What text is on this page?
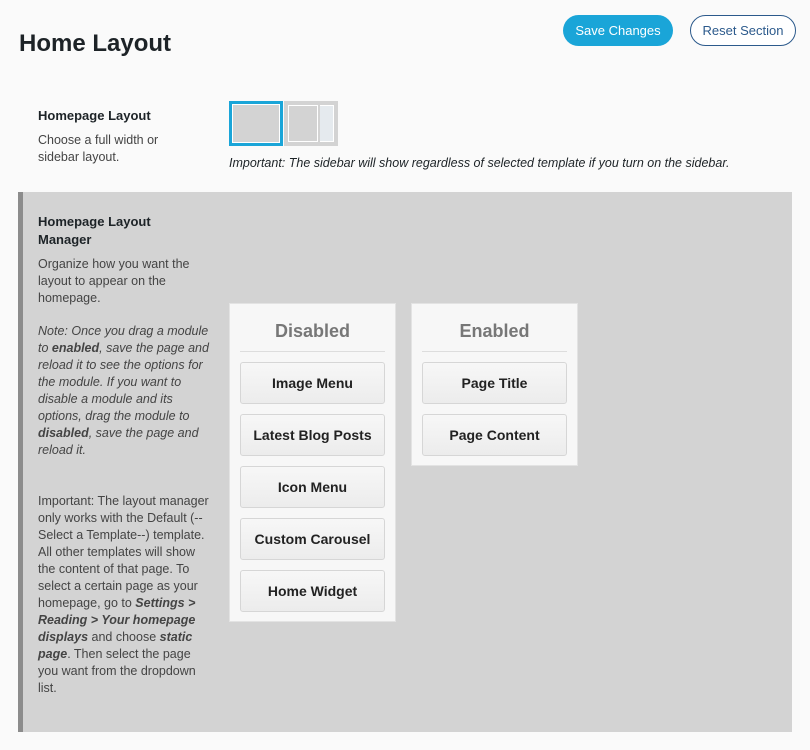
Home Layout	Save Changes	Reset Section
Homepage Layout
Choose a full width or sidebar layout.	Important: The sidebar will show regardless of selected template if you turn on the sidebar.
Homepage Layout Manager
Organize how you want the layout to appear on the homepage.
Note: Once you drag a module to enabled, save the page and reload it to see the options for the module. If you want to disable a module and its options, drag the module to disabled, save the page and reload it.
Important: The layout manager only works with the Default (--Select a Template--) template. All other templates will show the content of that page. To select a certain page as your homepage, go to Settings > Reading > Your homepage displays and choose static page. Then select the page you want from the dropdown list.
Disabled
Image Menu
Latest Blog Posts
Icon Menu
Custom Carousel
Home Widget
Enabled
Page Title
Page Content
